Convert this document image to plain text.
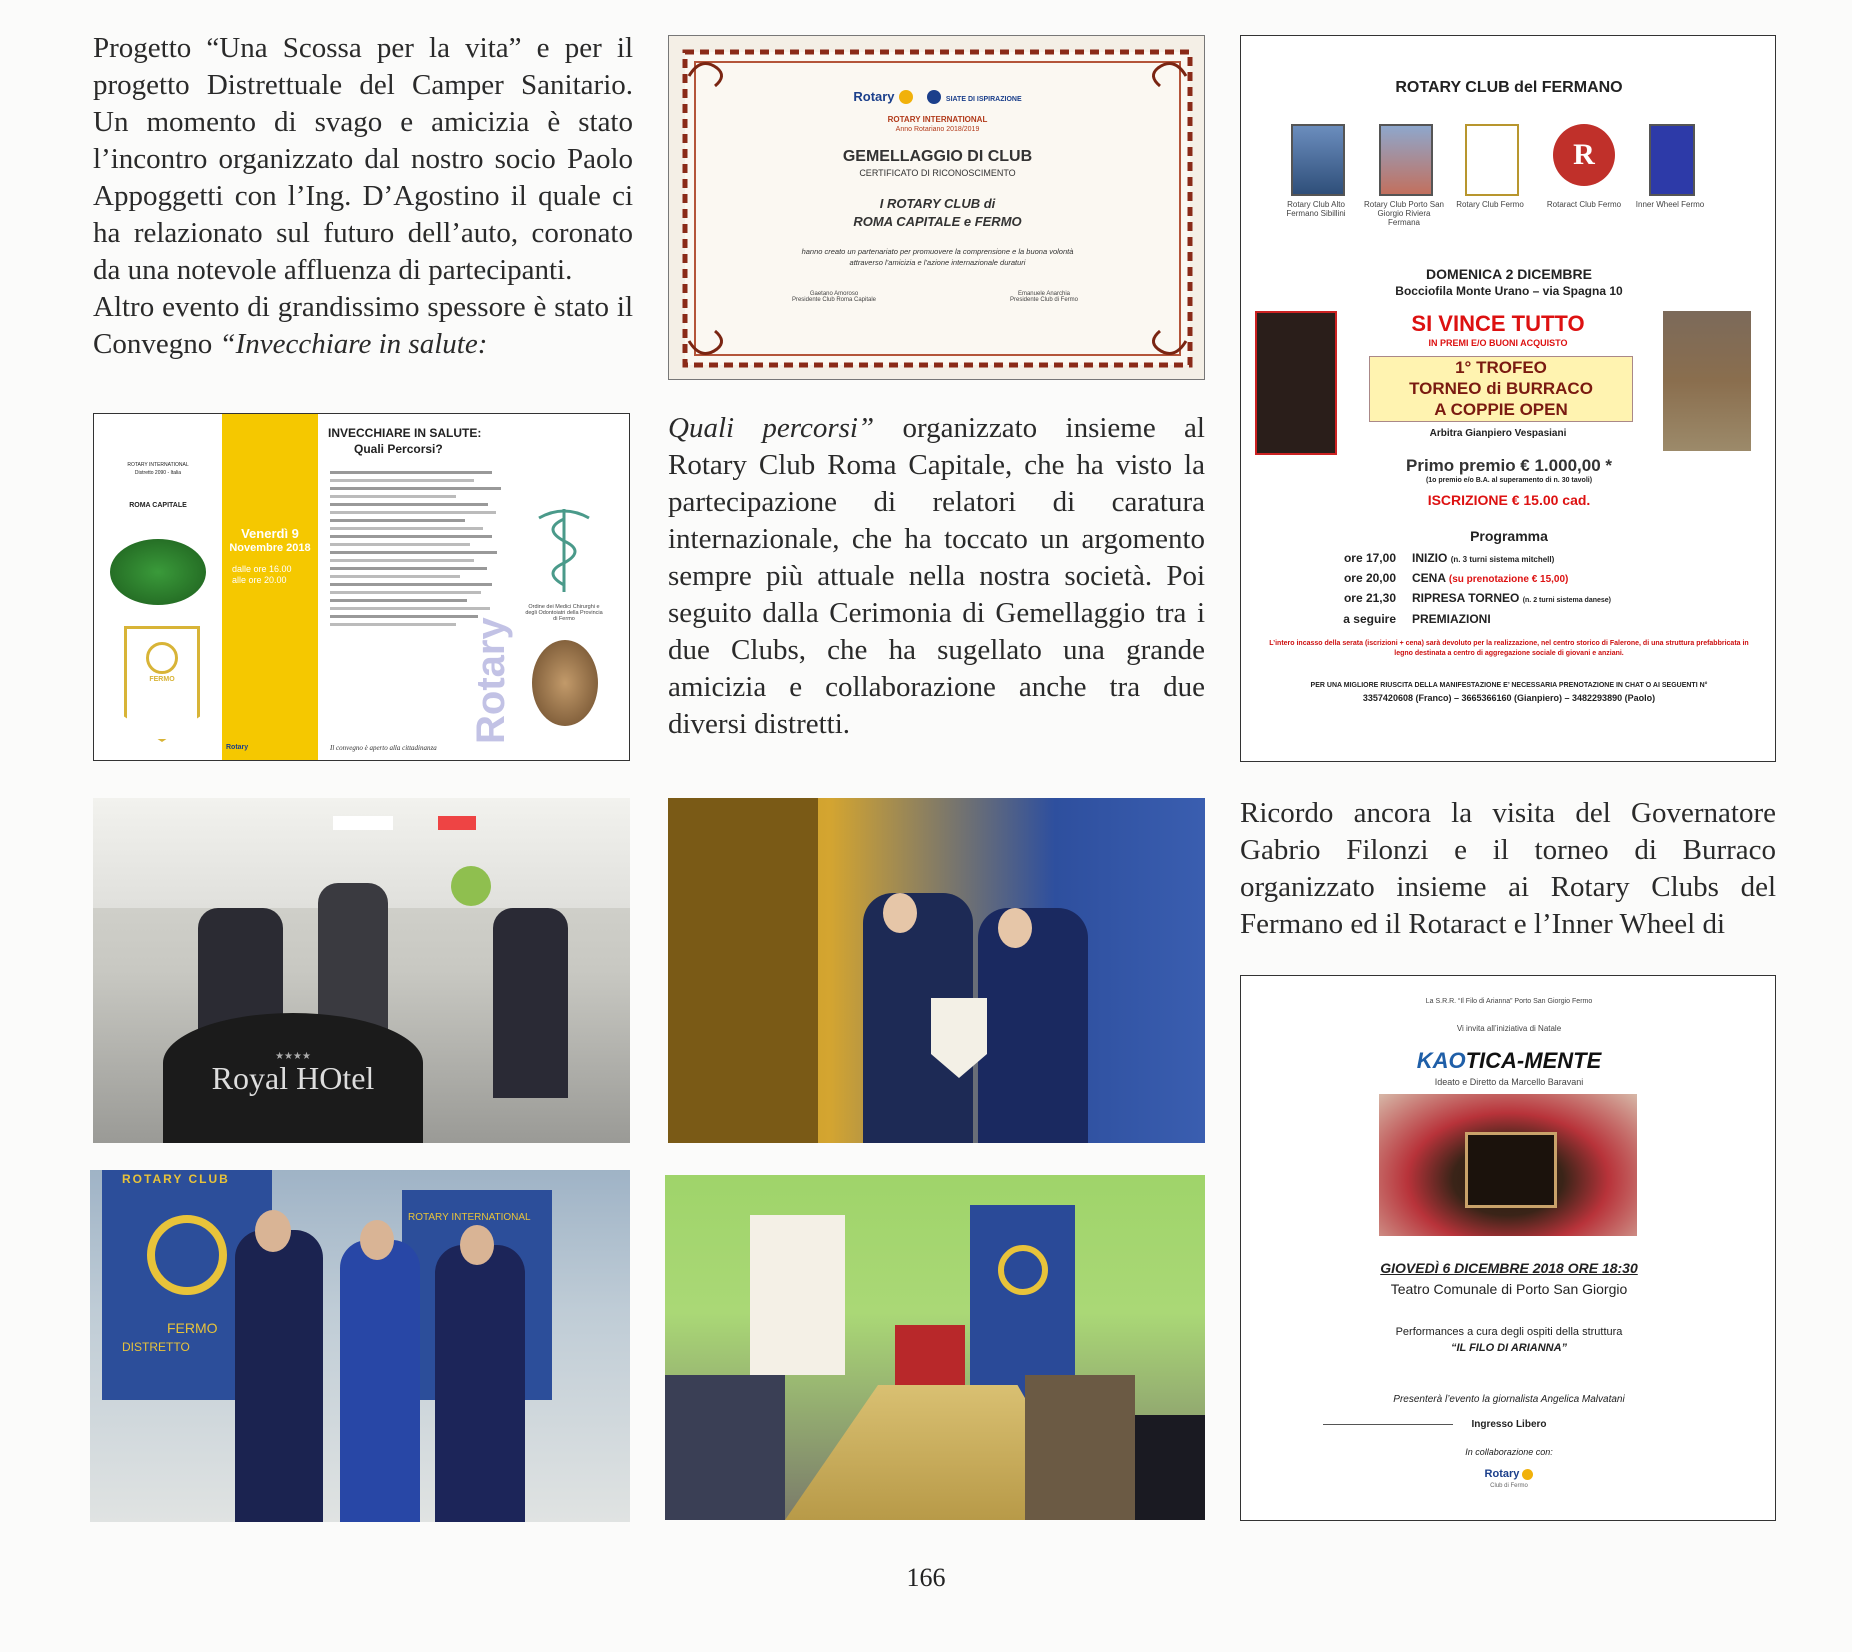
Progetto “Una Scossa per la vita” e per il progetto Distrettuale del Camper Sanitario. Un momento di svago e amicizia è stato l’incontro organizzato dal nostro socio Paolo Appoggetti con l’Ing. D’Agostino il quale ci ha relazionato sul futuro dell’auto, coronato da una notevole affluenza di partecipanti.

Altro evento di grandissimo spessore è stato il Convegno “Invecchiare in salute:

Rotary	SIATE DI ISPIRAZIONE
ROTARY INTERNATIONAL
Anno Rotariano 2018/2019
GEMELLAGGIO DI CLUB
CERTIFICATO DI RICONOSCIMENTO
I ROTARY CLUB di
ROMA CAPITALE e FERMO
hanno creato un partenariato per promuovere la comprensione e la buona volontà attraverso l’amicizia e l’azione internazionale duraturi
Gaetano Amoroso
Presidente Club Roma Capitale
Emanuele Anarchia
Presidente Club di Fermo

Quali percorsi” organizzato insieme al Rotary Club Roma Capitale, che ha visto la partecipazione di relatori di caratura internazionale, che ha toccato un argomento sempre più attuale nella nostra società. Poi seguito dalla Cerimonia di Gemellaggio tra i due Clubs, che ha sugellato una grande amicizia e collaborazione anche tra due diversi distretti.

ROTARY CLUB del FERMANO
R
Rotary Club Alto Fermano Sibillini
Rotary Club Porto San Giorgio Riviera Fermana
Rotary Club Fermo	Rotaract Club Fermo	Inner Wheel Fermo
DOMENICA 2 DICEMBRE
Bocciofila Monte Urano – via Spagna 10
SI VINCE TUTTO
IN PREMI E/O BUONI ACQUISTO
1° TROFEO
TORNEO di BURRACO
A COPPIE OPEN
Arbitra Gianpiero Vespasiani
Primo premio € 1.000,00 *
(1o premio e/o B.A. al superamento di n. 30 tavoli)
ISCRIZIONE € 15.00 cad.
Programma
ore 17,00 INIZIO (n. 3 turni sistema mitchell)
ore 20,00 CENA (su prenotazione € 15,00)
ore 21,30 RIPRESA TORNEO (n. 2 turni sistema danese)
a seguire PREMIAZIONI
L’intero incasso della serata (iscrizioni + cena) sarà devoluto per la realizzazione, nel centro storico di Falerone, di una struttura prefabbricata in legno destinata a centro di aggregazione sociale di giovani e anziani.
PER UNA MIGLIORE RIUSCITA DELLA MANIFESTAZIONE E’ NECESSARIA PRENOTAZIONE IN CHAT O AI SEGUENTI N°
3357420608 (Franco) – 3665366160 (Gianpiero) – 3482293890 (Paolo)
ROTARY INTERNATIONAL
Distretto 2090 - Italia
ROMA CAPITALE
FERMO
Venerdì 9
Novembre 2018
dalle ore 16.00
alle ore 20.00
Rotary
INVECCHIARE IN SALUTE:
Quali Percorsi?
Rotary
Ordine dei Medici Chirurghi e degli Odontoiatri della Provincia di Fermo
Il convegno è aperto alla cittadinanza
★★★★
Royal HOtel

Ricordo ancora la visita del Governatore Gabrio Filonzi e il torneo di Burraco organizzato insieme ai Rotary Clubs del Fermano ed il Rotaract e l’Inner Wheel di

La S.R.R. “Il Filo di Arianna” Porto San Giorgio Fermo
Vi invita all’iniziativa di Natale
KAOTICA-MENTE
Ideato e Diretto da Marcello Baravani
GIOVEDÌ 6 DICEMBRE 2018 ORE 18:30
Teatro Comunale di Porto San Giorgio
Performances a cura degli ospiti della struttura
“IL FILO DI ARIANNA”
Presenterà l’evento la giornalista Angelica Malvatani
Ingresso Libero
In collaborazione con:
Rotary
Club di Fermo
ROTARY CLUB
FERMO
DISTRETTO
ROTARY INTERNATIONAL
166
